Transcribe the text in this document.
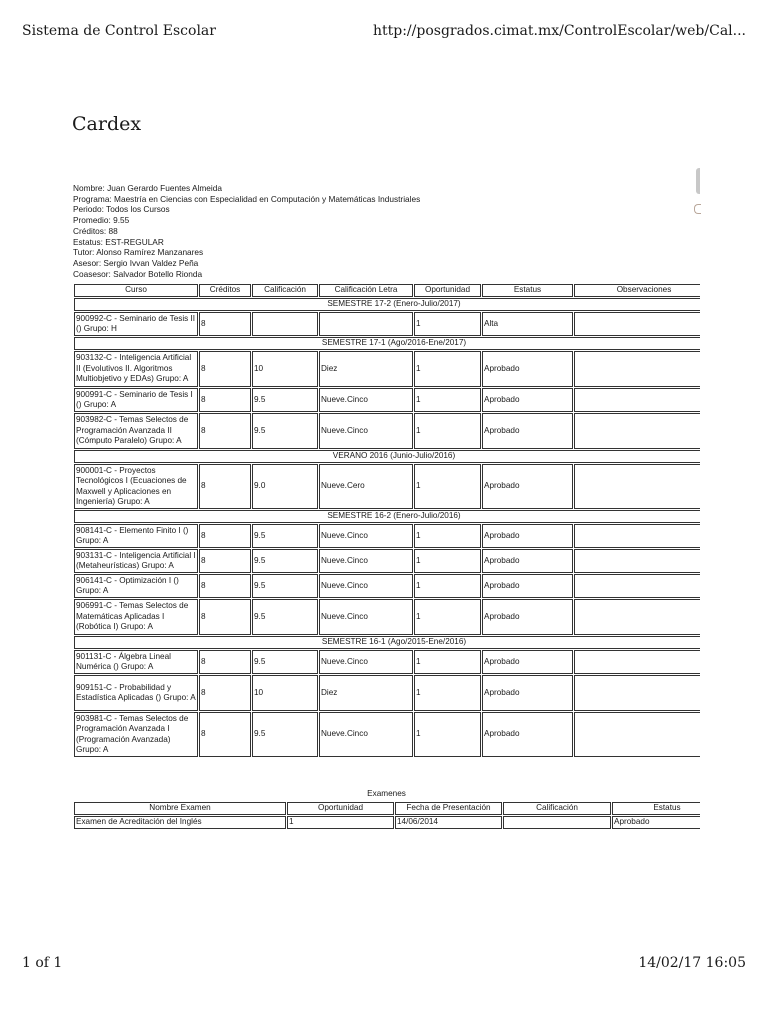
Sistema de Control Escolar	http://posgrados.cimat.mx/ControlEscolar/web/Cal...
Cardex
Nombre: Juan Gerardo Fuentes Almeida
Programa: Maestría en Ciencias con Especialidad en Computación y Matemáticas Industriales
Periodo: Todos los Cursos
Promedio: 9.55
Créditos: 88
Estatus: EST-REGULAR
Tutor: Alonso Ramírez Manzanares
Asesor: Sergio Ivvan Valdez Peña
Coasesor: Salvador Botello Rionda
Curso	Créditos	Calificación	Calificación Letra	Oportunidad	Estatus	Observaciones
SEMESTRE 17-2 (Enero-Julio/2017)						
900992-C - Seminario de Tesis II () Grupo: H	8			1	Alta	
SEMESTRE 17-1 (Ago/2016-Ene/2017)						
903132-C - Inteligencia Artificial II (Evolutivos II. Algoritmos Multiobjetivo y EDAs) Grupo: A	8	10	Diez	1	Aprobado	
900991-C - Seminario de Tesis I () Grupo: A	8	9.5	Nueve.Cinco	1	Aprobado	
903982-C - Temas Selectos de Programación Avanzada II (Cómputo Paralelo) Grupo: A	8	9.5	Nueve.Cinco	1	Aprobado	
VERANO 2016 (Junio-Julio/2016)						
900001-C - Proyectos Tecnológicos I (Ecuaciones de Maxwell y Aplicaciones en Ingeniería) Grupo: A	8	9.0	Nueve.Cero	1	Aprobado	
SEMESTRE 16-2 (Enero-Julio/2016)						
908141-C - Elemento Finito I () Grupo: A	8	9.5	Nueve.Cinco	1	Aprobado	
903131-C - Inteligencia Artificial I (Metaheurísticas) Grupo: A	8	9.5	Nueve.Cinco	1	Aprobado	
906141-C - Optimización I () Grupo: A	8	9.5	Nueve.Cinco	1	Aprobado	
906991-C - Temas Selectos de Matemáticas Aplicadas I (Robótica I) Grupo: A	8	9.5	Nueve.Cinco	1	Aprobado	
SEMESTRE 16-1 (Ago/2015-Ene/2016)						
901131-C - Álgebra Lineal Numérica () Grupo: A	8	9.5	Nueve.Cinco	1	Aprobado	
909151-C - Probabilidad y Estadística Aplicadas () Grupo: A	8	10	Diez	1	Aprobado	
903981-C - Temas Selectos de Programación Avanzada I (Programación Avanzada) Grupo: A	8	9.5	Nueve.Cinco	1	Aprobado	
Examenes
Nombre Examen	Oportunidad	Fecha de Presentación	Calificación	Estatus
Examen de Acreditación del Inglés	1	14/06/2014		Aprobado
1 of 1	14/02/17 16:05
